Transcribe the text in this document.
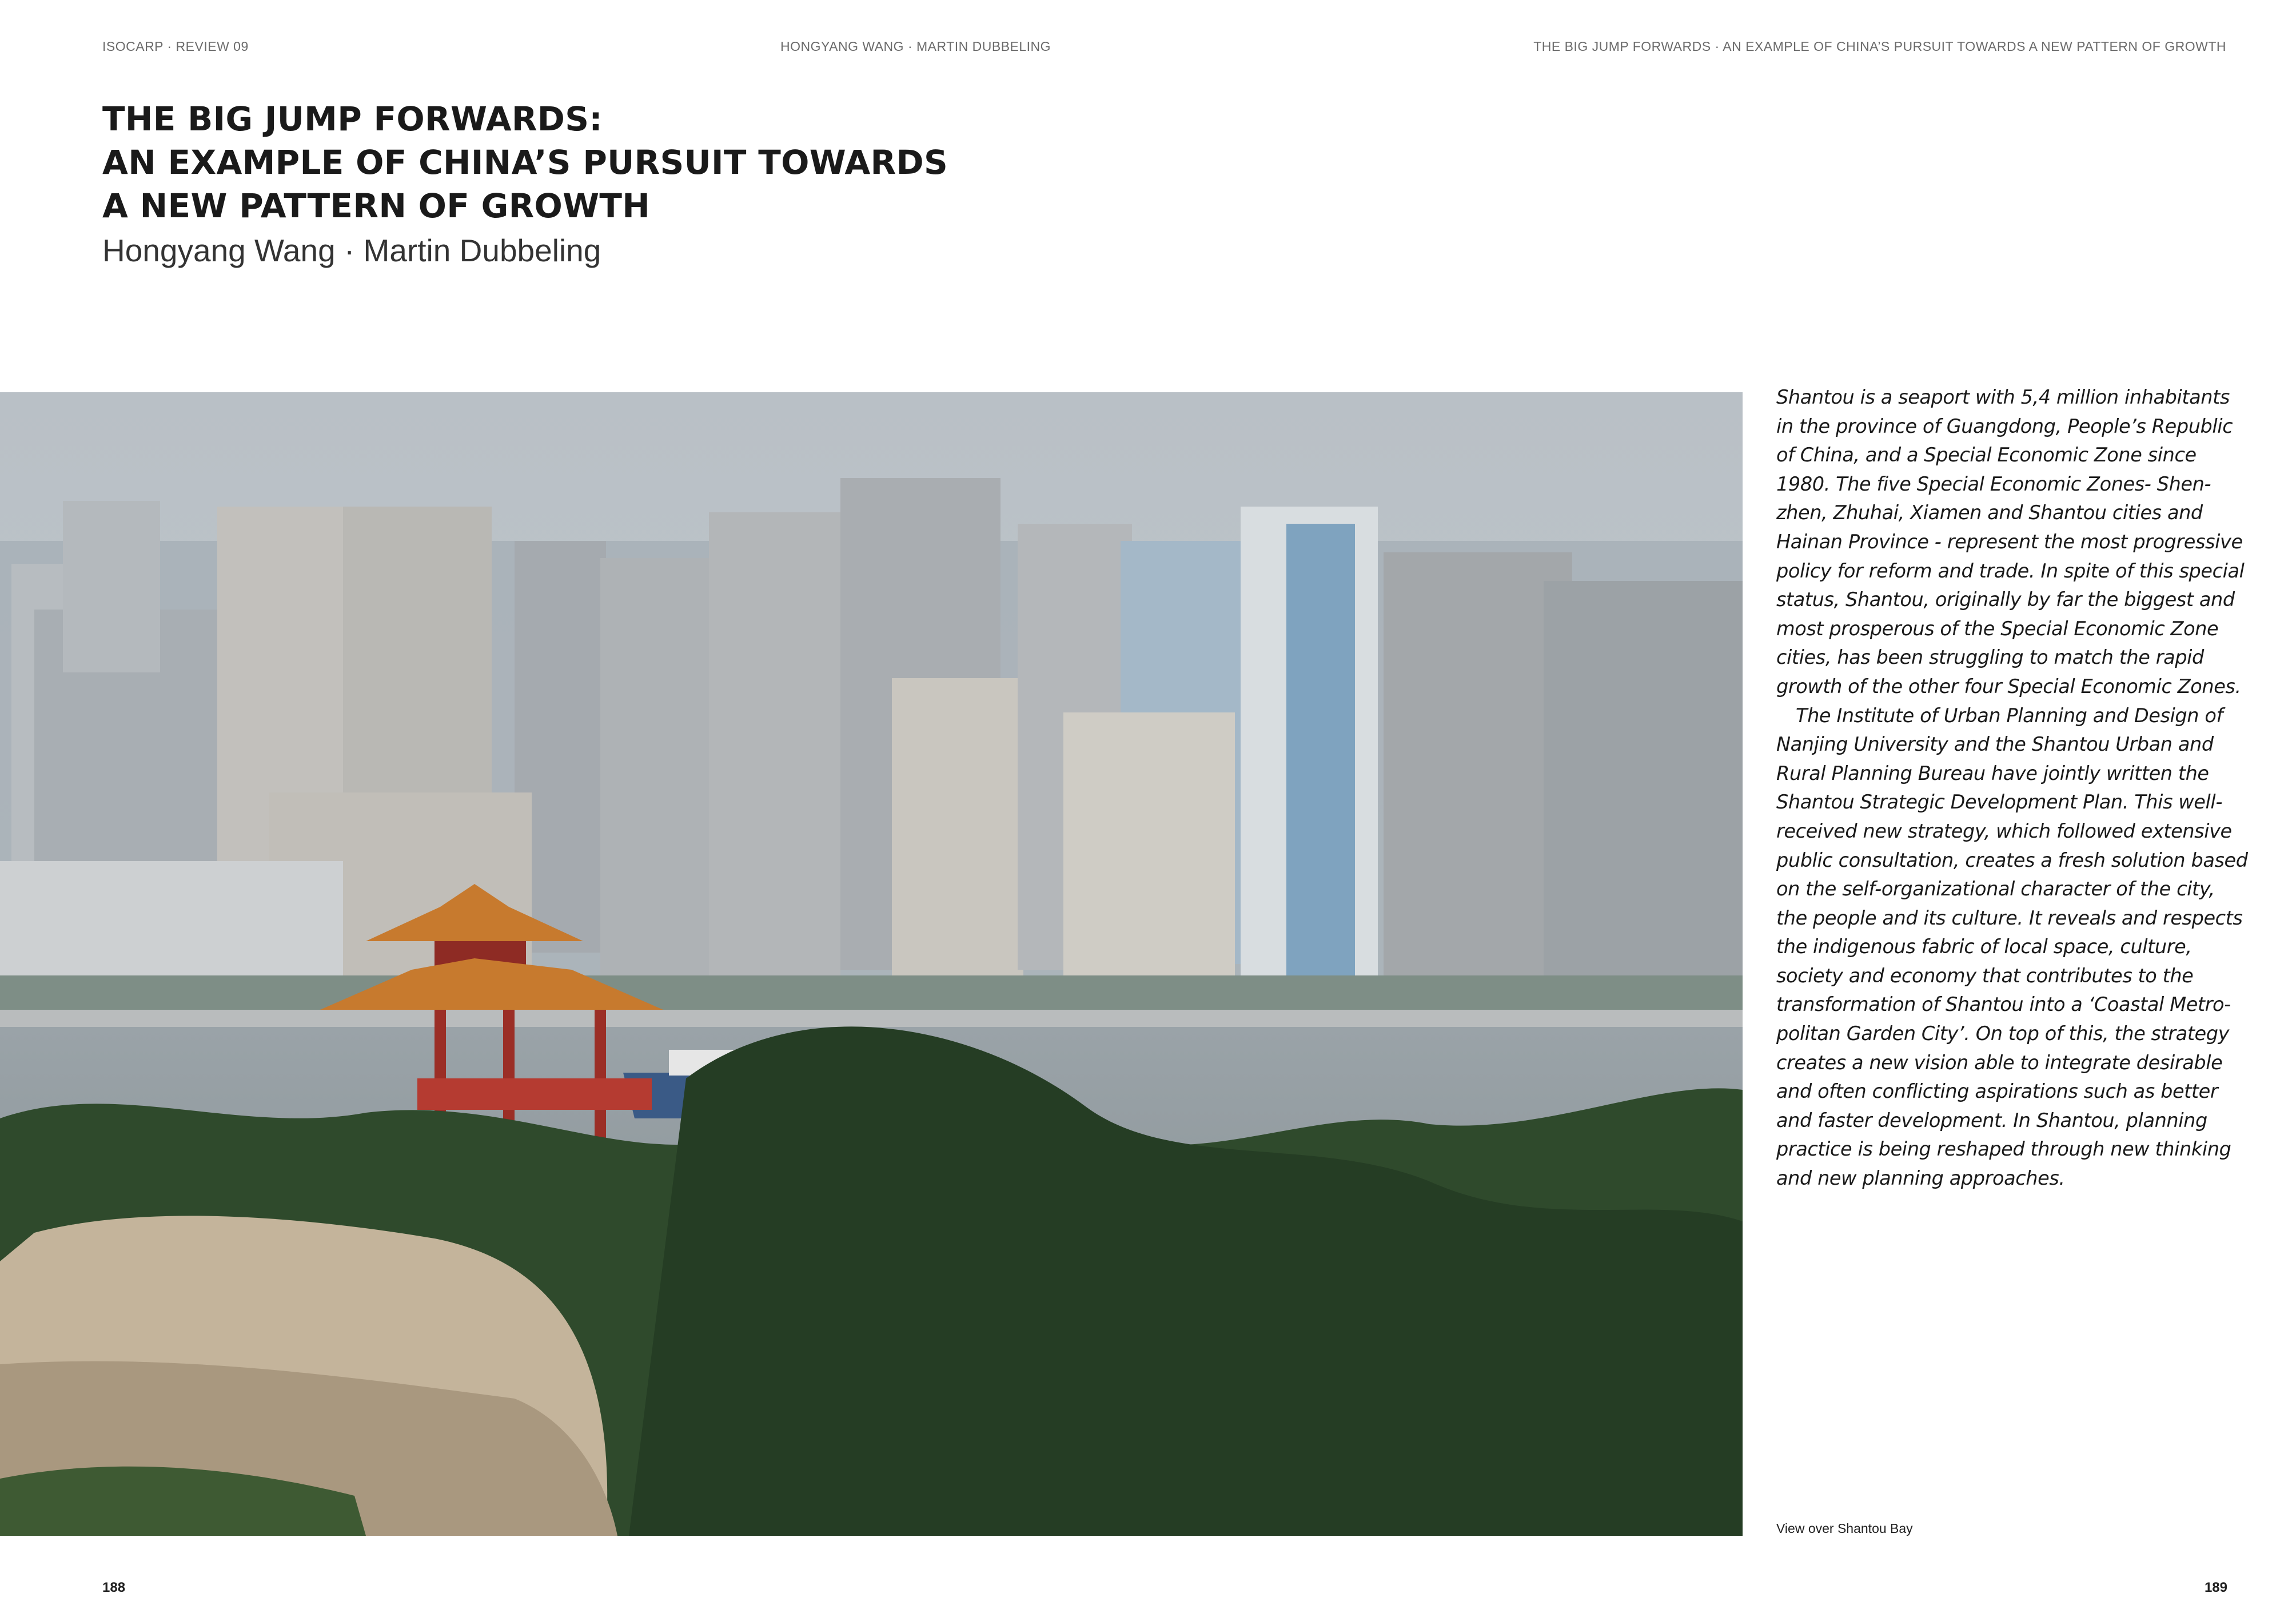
ISOCARP · REVIEW 09	HONGYANG WANG · MARTIN DUBBELING	THE BIG JUMP FORWARDS · AN EXAMPLE OF CHINA’S PURSUIT TOWARDS A NEW PATTERN OF GROWTH
THE BIG JUMP FORWARDS:
AN EXAMPLE OF CHINA’S PURSUIT TOWARDS
A NEW PATTERN OF GROWTH
Hongyang Wang · Martin Dubbeling
Shantou is a seaport with 5,4 million inhabitants
in the province of Guangdong, People’s Republic
of China, and a Special Economic Zone since
1980. The five Special Economic Zones- Shen-
zhen, Zhuhai, Xiamen and Shantou cities and
Hainan Province - represent the most progressive
policy for reform and trade. In spite of this special
status, Shantou, originally by far the biggest and
most prosperous of the Special Economic Zone
cities, has been struggling to match the rapid
growth of the other four Special Economic Zones.
The Institute of Urban Planning and Design of
Nanjing University and the Shantou Urban and
Rural Planning Bureau have jointly written the
Shantou Strategic Development Plan. This well-
received new strategy, which followed extensive
public consultation, creates a fresh solution based
on the self-organizational character of the city,
the people and its culture. It reveals and respects
the indigenous fabric of local space, culture,
society and economy that contributes to the
transformation of Shantou into a ‘Coastal Metro-
politan Garden City’. On top of this, the strategy
creates a new vision able to integrate desirable
and often conflicting aspirations such as better
and faster development. In Shantou, planning
practice is being reshaped through new thinking
and new planning approaches.
View over Shantou Bay
188	189
